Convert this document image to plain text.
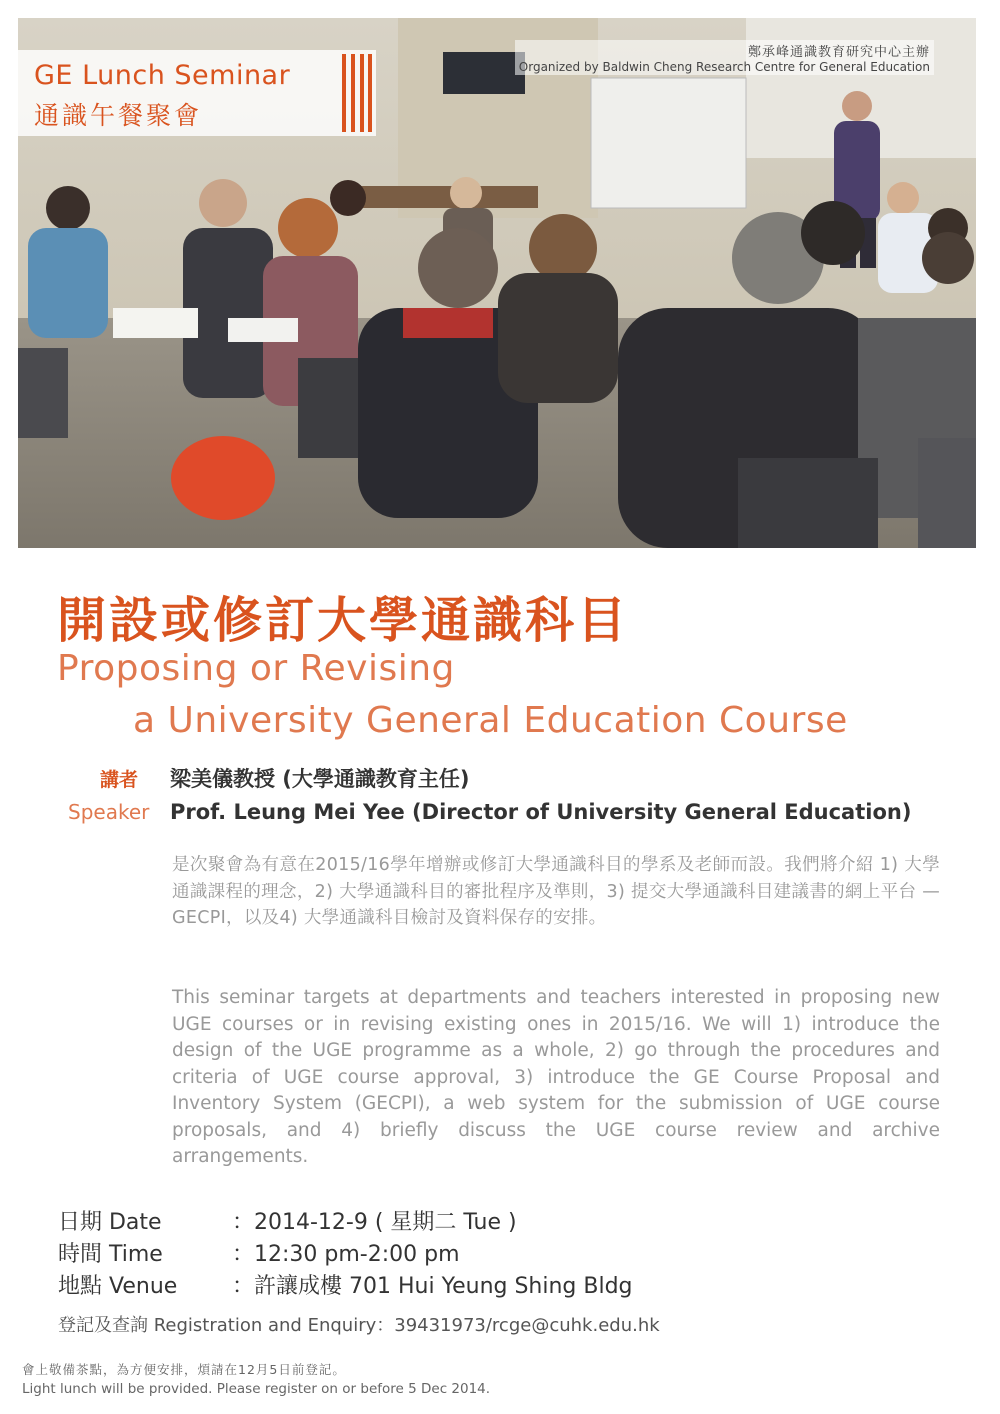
鄭承峰通識教育研究中心主辦
Organized by Baldwin Cheng Research Centre for General Education
GE Lunch Seminar
通識午餐聚會
開設或修訂大學通識科目
Proposing or Revising
a University General Education Course
講者 梁美儀教授 (大學通識教育主任)
Speaker Prof. Leung Mei Yee (Director of University General Education)

是次聚會為有意在2015/16學年增辦或修訂大學通識科目的學系及老師而設。我們將介紹 1) 大學通識課程的理念，2) 大學通識科目的審批程序及準則，3) 提交大學通識科目建議書的網上平台 — GECPI，以及4) 大學通識科目檢討及資料保存的安排。

This seminar targets at departments and teachers interested in proposing new UGE courses or in revising existing ones in 2015/16. We will 1) introduce the design of the UGE programme as a whole, 2) go through the procedures and criteria of UGE course approval, 3) introduce the GE Course Proposal and Inventory System (GECPI), a web system for the submission of UGE course proposals, and 4) briefly discuss the UGE course review and archive arrangements.

日期 Date	：2014-12-9 ( 星期二 Tue )
時間 Time	：12:30 pm-2:00 pm
地點 Venue ：許讓成樓 701 Hui Yeung Shing Bldg
登記及查詢 Registration and Enquiry：39431973/rcge@cuhk.edu.hk
會上敬備茶點，為方便安排，煩請在12月5日前登記。
Light lunch will be provided. Please register on or before 5 Dec 2014.
